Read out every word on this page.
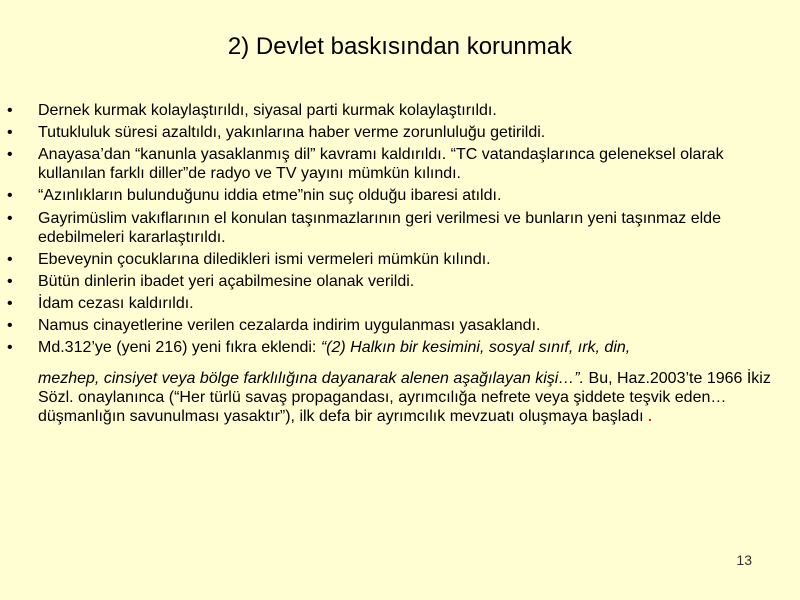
2) Devlet baskısından korunmak
• Dernek kurmak kolaylaştırıldı, siyasal parti kurmak kolaylaştırıldı.
• Tutukluluk süresi azaltıldı, yakınlarına haber verme zorunluluğu getirildi.
• Anayasa’dan “kanunla yasaklanmış dil” kavramı kaldırıldı. “TC vatandaşlarınca geleneksel olarak kullanılan farklı diller”de radyo ve TV yayını mümkün kılındı.
• “Azınlıkların bulunduğunu iddia etme”nin suç olduğu ibaresi atıldı.
• Gayrimüslim vakıflarının el konulan taşınmazlarının geri verilmesi ve bunların yeni taşınmaz elde edebilmeleri kararlaştırıldı.
• Ebeveynin çocuklarına diledikleri ismi vermeleri mümkün kılındı.
• Bütün dinlerin ibadet yeri açabilmesine olanak verildi.
• İdam cezası kaldırıldı.
• Namus cinayetlerine verilen cezalarda indirim uygulanması yasaklandı.
• Md.312’ye (yeni 216) yeni fıkra eklendi: “(2) Halkın bir kesimini, sosyal sınıf, ırk, din,
mezhep, cinsiyet veya bölge farklılığına dayanarak alenen aşağılayan kişi…”. Bu, Haz.2003’te 1966 İkiz Sözl. onaylanınca (“Her türlü savaş propagandası, ayrımcılığa nefrete veya şiddete teşvik eden…düşmanlığın savunulması yasaktır”), ilk defa bir ayrımcılık mevzuatı oluşmaya başladı .
13
